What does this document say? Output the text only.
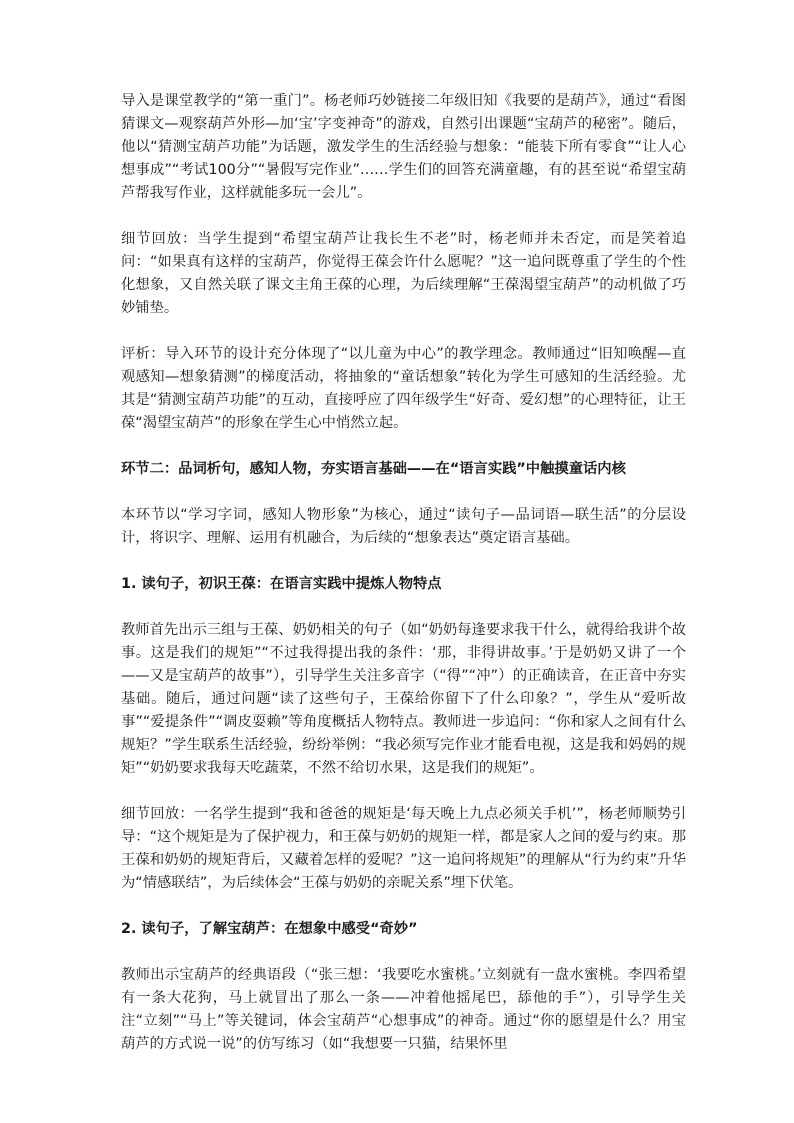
导入是课堂教学的“第一重门”。杨老师巧妙链接二年级旧知《我要的是葫芦》，通过“看图猜课文—观察葫芦外形—加‘宝’字变神奇”的游戏，自然引出课题“宝葫芦的秘密”。随后，他以“猜测宝葫芦功能”为话题，激发学生的生活经验与想象：“能装下所有零食”“让人心想事成”“考试100分”“暑假写完作业”……学生们的回答充满童趣，有的甚至说“希望宝葫芦帮我写作业，这样就能多玩一会儿”。

细节回放：当学生提到“希望宝葫芦让我长生不老”时，杨老师并未否定，而是笑着追问：“如果真有这样的宝葫芦，你觉得王葆会许什么愿呢？”这一追问既尊重了学生的个性化想象，又自然关联了课文主角王葆的心理，为后续理解“王葆渴望宝葫芦”的动机做了巧妙铺垫。

评析：导入环节的设计充分体现了“以儿童为中心”的教学理念。教师通过“旧知唤醒—直观感知—想象猜测”的梯度活动，将抽象的“童话想象”转化为学生可感知的生活经验。尤其是“猜测宝葫芦功能”的互动，直接呼应了四年级学生“好奇、爱幻想”的心理特征，让王葆“渴望宝葫芦”的形象在学生心中悄然立起。

环节二：品词析句，感知人物，夯实语言基础——在“语言实践”中触摸童话内核

本环节以“学习字词，感知人物形象”为核心，通过“读句子—品词语—联生活”的分层设计，将识字、理解、运用有机融合，为后续的“想象表达”奠定语言基础。

1. 读句子，初识王葆：在语言实践中提炼人物特点

教师首先出示三组与王葆、奶奶相关的句子（如“奶奶每逢要求我干什么，就得给我讲个故事。这是我们的规矩”“不过我得提出我的条件：‘那，非得讲故事。’于是奶奶又讲了一个——又是宝葫芦的故事”），引导学生关注多音字（“得”“冲”）的正确读音，在正音中夯实基础。随后，通过问题“读了这些句子，王葆给你留下了什么印象？”，学生从“爱听故事”“爱提条件”“调皮耍赖”等角度概括人物特点。教师进一步追问：“你和家人之间有什么规矩？”学生联系生活经验，纷纷举例：“我必须写完作业才能看电视，这是我和妈妈的规矩”“奶奶要求我每天吃蔬菜，不然不给切水果，这是我们的规矩”。

细节回放：一名学生提到“我和爸爸的规矩是‘每天晚上九点必须关手机’”，杨老师顺势引导：“这个规矩是为了保护视力，和王葆与奶奶的规矩一样，都是家人之间的爱与约束。那王葆和奶奶的规矩背后，又藏着怎样的爱呢？”这一追问将规矩”的理解从“行为约束”升华为“情感联结”，为后续体会“王葆与奶奶的亲昵关系”埋下伏笔。

2. 读句子，了解宝葫芦：在想象中感受“奇妙”

教师出示宝葫芦的经典语段（“张三想：‘我要吃水蜜桃。’立刻就有一盘水蜜桃。李四希望有一条大花狗，马上就冒出了那么一条——冲着他摇尾巴，舔他的手”），引导学生关注“立刻”“马上”等关键词，体会宝葫芦“心想事成”的神奇。通过“你的愿望是什么？用宝葫芦的方式说一说”的仿写练习（如“我想要一只猫，结果怀里
